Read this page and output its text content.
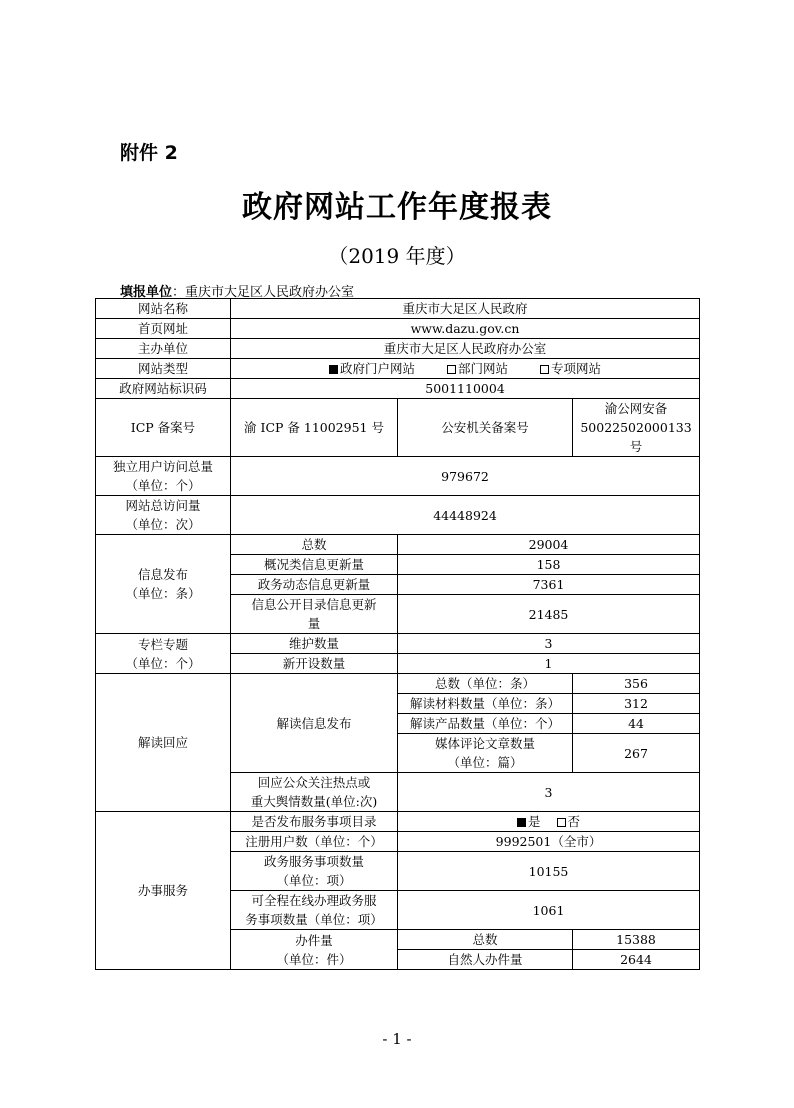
附件 2
政府网站工作年度报表
（2019 年度）
填报单位：重庆市大足区人民政府办公室
网站名称	重庆市大足区人民政府		
首页网址	www.dazu.gov.cn		
主办单位	重庆市大足区人民政府办公室		
网站类型	政府门户网站 部门网站 专项网站		
政府网站标识码	5001110004		
ICP 备案号	渝 ICP 备 11002951 号	公安机关备案号	渝公网安备
50022502000133 号

独立用户访问总量
（单位：个）	979672		

网站总访问量
（单位：次）	44448924		

信息发布
（单位：条）	总数	29004	
	概况类信息更新量	158	
	政务动态信息更新量	7361	

	信息公开目录信息更新
量	21485	

专栏专题
（单位：个）	维护数量	3	
	新开设数量	1	
解读回应	解读信息发布	总数（单位：条）	356
		解读材料数量（单位：条）	312
		解读产品数量（单位：个）	44

		媒体评论文章数量
（单位：篇）	267

	回应公众关注热点或
重大舆情数量(单位:次)	3	
办事服务	是否发布服务事项目录	是 否	
	注册用户数（单位：个）	9992501（全市）	

	政务服务事项数量
（单位：项）	10155	

	可全程在线办理政务服
务事项数量（单位：项）	1061	

	办件量
（单位：件）	总数	15388
		自然人办件量	2644
- 1 -
